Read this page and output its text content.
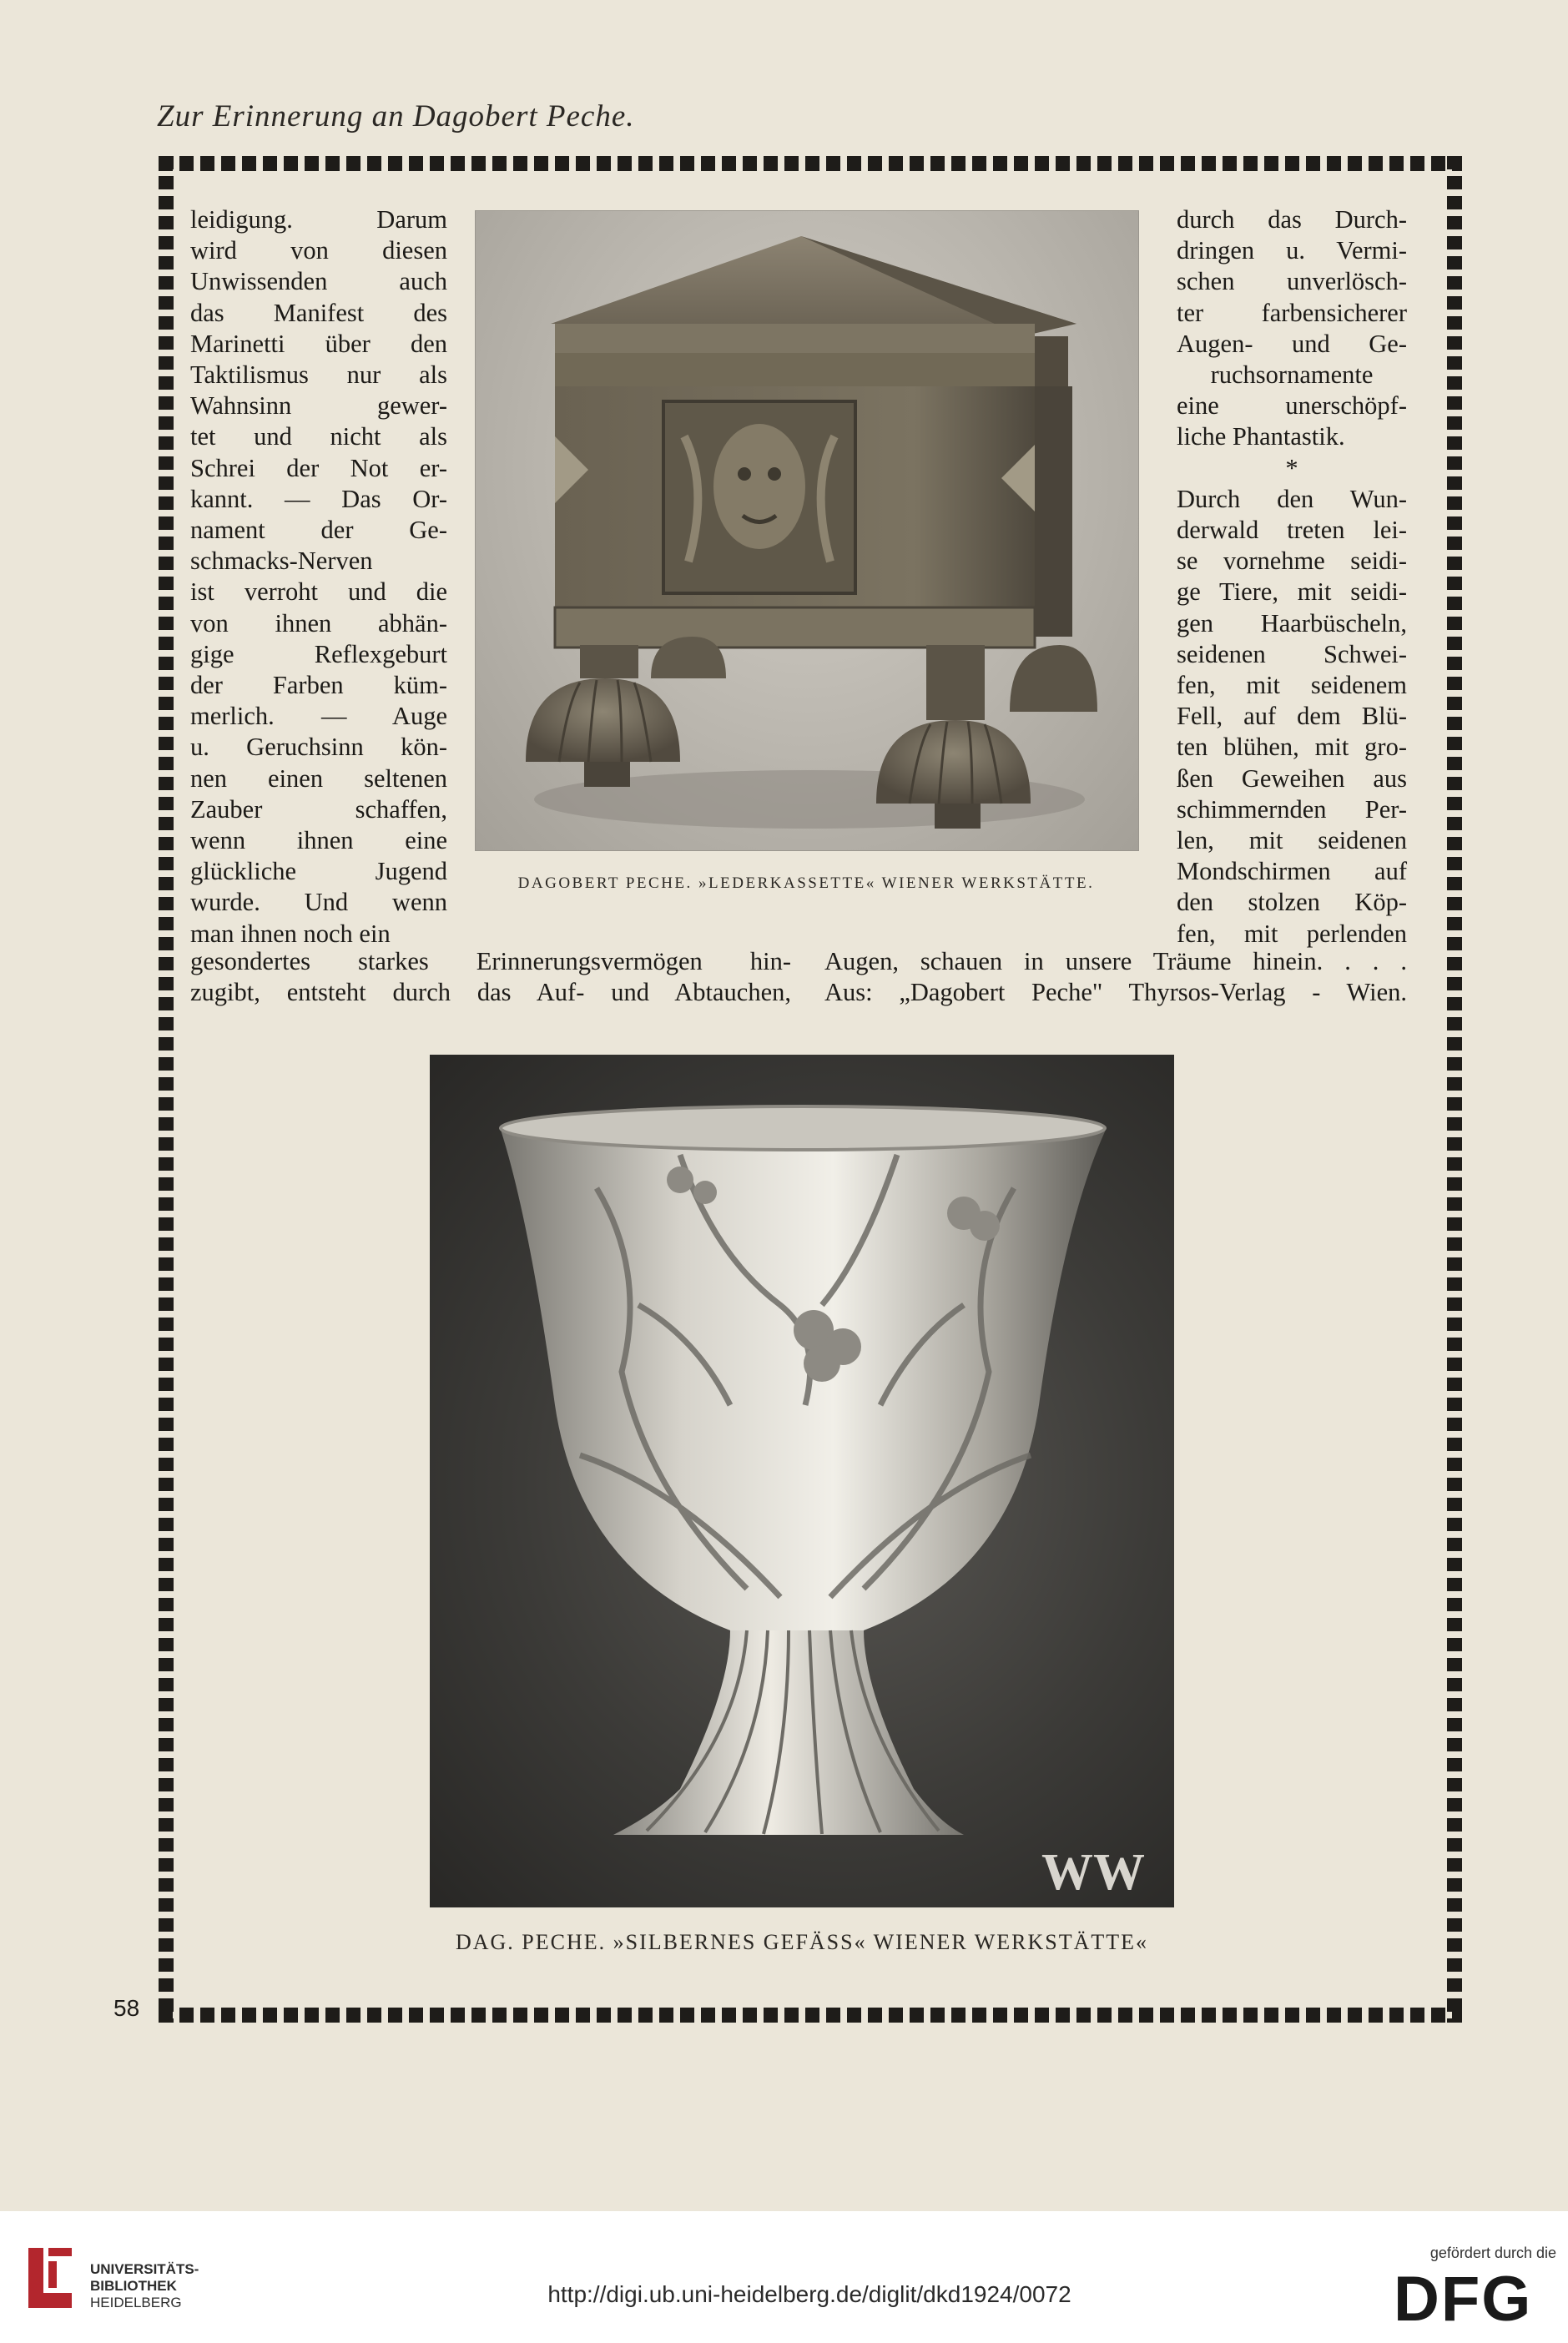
Zur Erinnerung an Dagobert Peche.
leidigung. Darum
wird von diesen
Unwissenden auch
das Manifest des
Marinetti über den
Taktilismus nur als
Wahnsinn gewer-
tet und nicht als
Schrei der Not er-
kannt. — Das Or-
nament der Ge-
schmacks-Nerven
ist verroht und die
von ihnen abhän-
gige Reflexgeburt
der Farben küm-
merlich. — Auge
u. Geruchsinn kön-
nen einen seltenen
Zauber schaffen,
wenn ihnen eine
glückliche Jugend
wurde. Und wenn
man ihnen noch ein
durch das Durch-
dringen u. Vermi-
schen unverlösch-
ter farbensicherer
Augen- und Ge-
ruchsornamente
eine unerschöpf-
liche Phantastik.
*
Durch den Wun-
derwald treten lei-
se vornehme seidi-
ge Tiere, mit seidi-
gen Haarbüscheln,
seidenen Schwei-
fen, mit seidenem
Fell, auf dem Blü-
ten blühen, mit gro-
ßen Geweihen aus
schimmernden Per-
len, mit seidenen
Mondschirmen auf
den stolzen Köp-
fen, mit perlenden
DAGOBERT PECHE. »LEDERKASSETTE« WIENER WERKSTÄTTE.
gesondertes starkes Erinnerungsvermögen hin-
zugibt, entsteht durch das Auf- und Abtauchen,
Augen, schauen in unsere Träume hinein. . . .
Aus: „Dagobert Peche" Thyrsos-Verlag - Wien.
WW
DAG. PECHE. »SILBERNES GEFÄSS« WIENER WERKSTÄTTE«
58
UNIVERSITÄTS-
BIBLIOTHEK
HEIDELBERG	http://digi.ub.uni-heidelberg.de/diglit/dkd1924/0072
gefördert durch die
DFG
